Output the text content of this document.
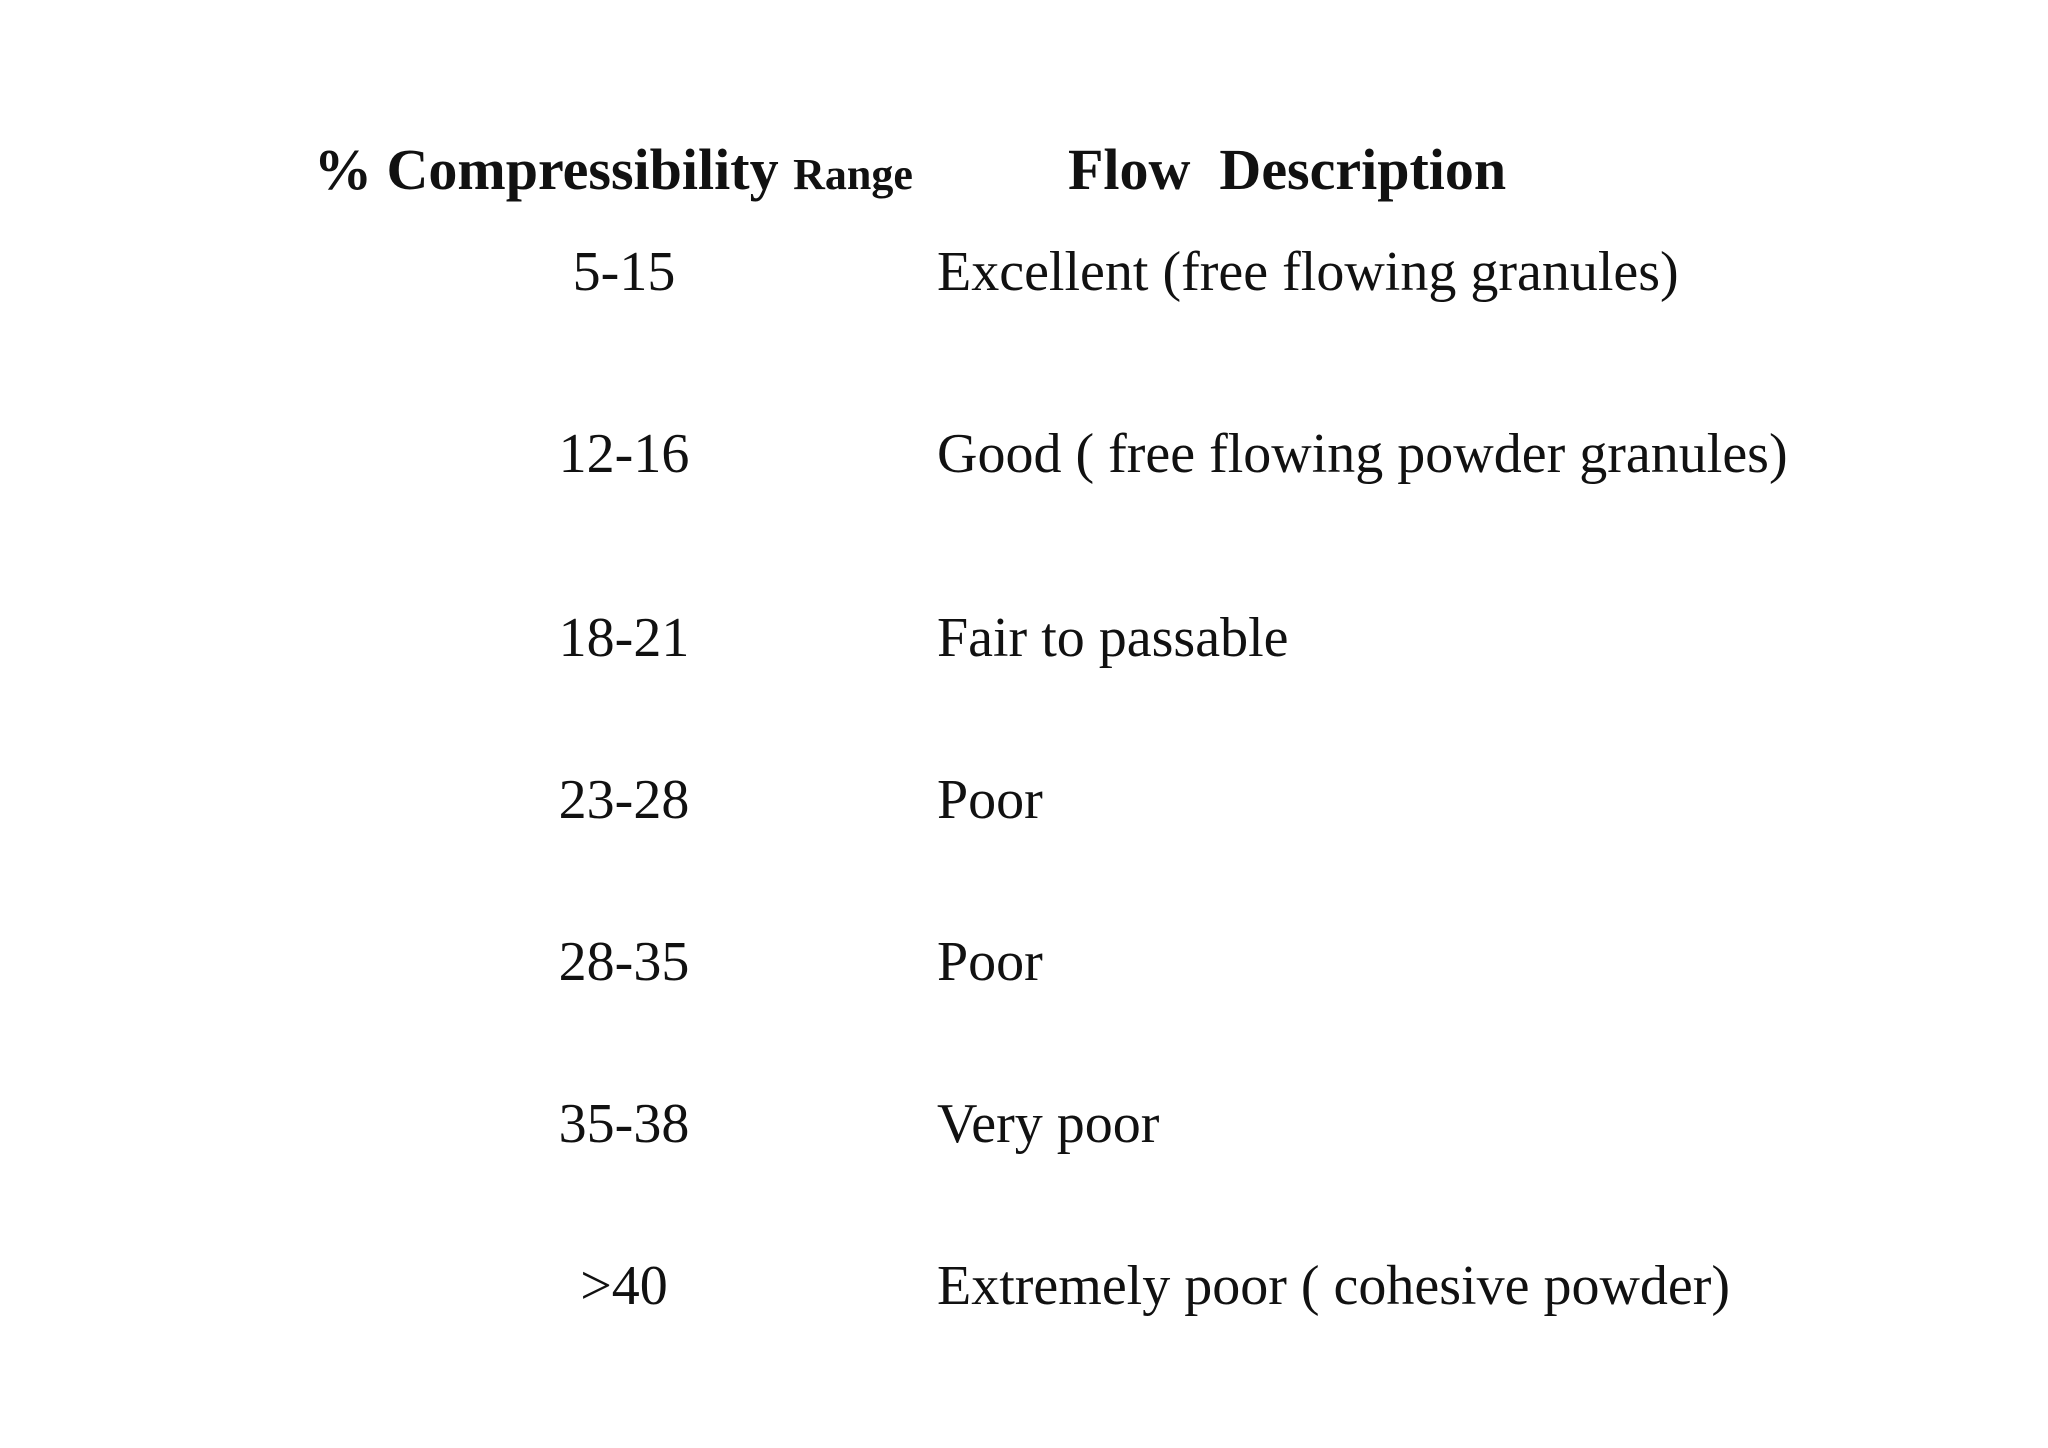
% Compressibility Range	Flow  Description
5-15	Excellent (free flowing granules)
12-16	Good ( free flowing powder granules)
18-21	Fair to passable
23-28	Poor
28-35	Poor
35-38	Very poor
>40	Extremely poor ( cohesive powder)
